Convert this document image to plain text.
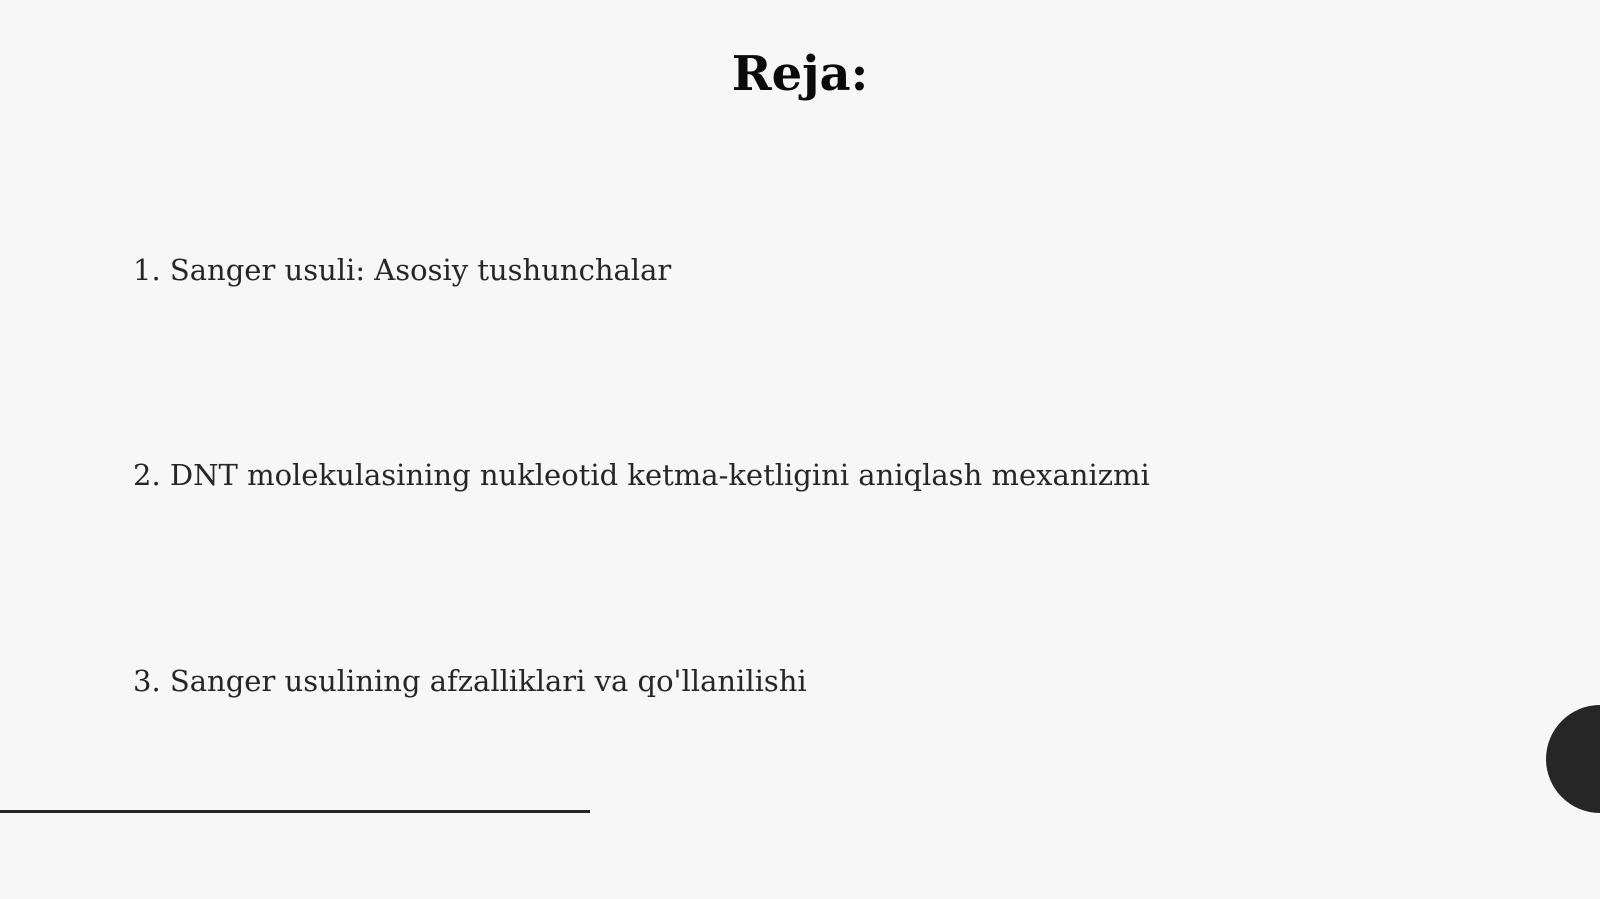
Reja:
1. Sanger usuli: Asosiy tushunchalar
2. DNT molekulasining nukleotid ketma-ketligini aniqlash mexanizmi
3. Sanger usulining afzalliklari va qo'llanilishi
